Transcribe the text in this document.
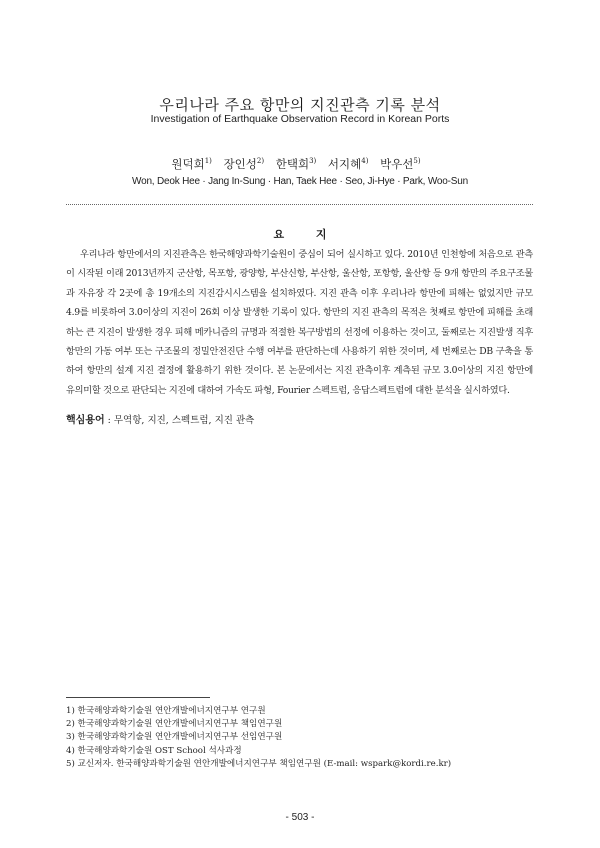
우리나라 주요 항만의 지진관측 기록 분석
Investigation of Earthquake Observation Record in Korean Ports
원덕희$^{1)}$ 장인성$^{2)}$ 한택희$^{3)}$ 서지혜$^{4)}$ 박우선$^{5)}$
Won, Deok Hee · Jang In-Sung · Han, Taek Hee · Seo, Ji-Hye · Park, Woo-Sun
요 지
우리나라 항만에서의 지진관측은 한국해양과학기술원이 중심이 되어 실시하고 있다. 2010년 인천항에 처음으로 관측이 시작된 이래 2013년까지 군산항, 목포항, 광양항, 부산신항, 부산항, 울산항, 포항항, 울산항 등 9개 항만의 주요구조물과 자유장 각 2곳에 총 19개소의 지진감시시스템을 설치하였다. 지진 관측 이후 우리나라 항만에 피해는 없었지만 규모 4.9를 비롯하여 3.0이상의 지진이 26회 이상 발생한 기록이 있다. 항만의 지진 관측의 목적은 첫째로 항만에 피해를 초래하는 큰 지진이 발생한 경우 피해 메카니즘의 규명과 적절한 복구방법의 선정에 이용하는 것이고, 둘째로는 지진발생 직후 항만의 가동 여부 또는 구조물의 정밀안전진단 수행 여부를 판단하는데 사용하기 위한 것이며, 세 번째로는 DB 구축을 통하여 항만의 설계 지진 결정에 활용하기 위한 것이다. 본 논문에서는 지진 관측이후 계측된 규모 3.0이상의 지진 항만에 유의미할 것으로 판단되는 지진에 대하여 가속도 파형, Fourier 스펙트럼, 응답스펙트럼에 대한 분석을 실시하였다.
핵심용어 : 무역항, 지진, 스펙트럼, 지진 관측
1) 한국해양과학기술원 연안개발에너지연구부 연구원
2) 한국해양과학기술원 연안개발에너지연구부 책임연구원
3) 한국해양과학기술원 연안개발에너지연구부 선임연구원
4) 한국해양과학기술원 OST School 석사과정
5) 교신저자. 한국해양과학기술원 연안개발에너지연구부 책임연구원 (E-mail: wspark@kordi.re.kr)
- 503 -
